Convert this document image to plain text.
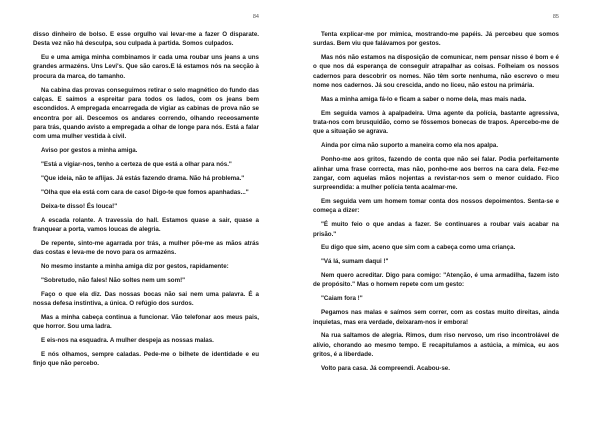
84

disso dinheiro de bolso. E esse orgulho vai levar-me a fazer O disparate. Desta vez não há desculpa, sou culpada à partida. Somos culpados.

Eu e uma amiga minha combinamos ir cada uma roubar uns jeans a uns grandes armazéns. Uns Levi's. Que são caros.E lá estamos nós na secção à procura da marca, do tamanho.

Na cabina das provas conseguimos retirar o selo magnético do fundo das calças. E saímos a espreitar para todos os lados, com os jeans bem escondidos. A empregada encarregada de vigiar as cabinas de prova não se encontra por ali. Descemos os andares correndo, olhando receosamente para trás, quando avisto a empregada a olhar de longe para nós. Está a falar com uma mulher vestida à civil.

Aviso por gestos a minha amiga.

"Está a vigiar-nos, tenho a certeza de que está a olhar para nós."

"Que ideia, não te aflijas. Já estás fazendo drama. Não há problema."

"Olha que ela está com cara de caso! Digo-te que fomos apanhadas..."

Deixa-te disso! És louca!"

A escada rolante. A travessia do hall. Estamos quase a sair, quase a franquear a porta, vamos loucas de alegria.

De repente, sinto-me agarrada por trás, a mulher põe-me as mãos atrás das costas e leva-me de novo para os armazéns.

No mesmo instante a minha amiga diz por gestos, rapidamente:

"Sobretudo, não fales! Não soltes nem um som!"

Faço o que ela diz. Das nossas bocas não sai nem uma palavra. É a nossa defesa instintiva, a única. O refúgio dos surdos.

Mas a minha cabeça continua a funcionar. Vão telefonar aos meus pais, que horror. Sou uma ladra.

E eis-nos na esquadra. A mulher despeja as nossas malas.

E nós olhamos, sempre caladas. Pede-me o bilhete de identidade e eu finjo que não percebo.

85

Tenta explicar-me por mímica, mostrando-me papéis. Já percebeu que somos surdas. Bem viu que falávamos por gestos.

Mas nós não estamos na disposição de comunicar, nem pensar nisso é bom e é o que nos dá esperança de conseguir atrapalhar as coisas. Folheiam os nossos cadernos para descobrir os nomes. Não têm sorte nenhuma, não escrevo o meu nome nos cadernos. Já sou crescida, ando no liceu, não estou na primária.

Mas a minha amiga fá-lo e ficam a saber o nome dela, mas mais nada.

Em seguida vamos à apalpadeira. Uma agente da polícia, bastante agressiva, trata-nos com brusquidão, como se fôssemos bonecas de trapos. Apercebo-me de que a situação se agrava.

Ainda por cima não suporto a maneira como ela nos apalpa.

Ponho-me aos gritos, fazendo de conta que não sei falar. Podia perfeitamente alinhar uma frase correcta, mas não, ponho-me aos berros na cara dela. Fez-me zangar, com aquelas mãos nojentas a revistar-nos sem o menor cuidado. Fico surpreendida: a mulher polícia tenta acalmar-me.

Em seguida vem um homem tomar conta dos nossos depoimentos. Senta-se e começa a dizer:

"É muito feio o que andas a fazer. Se continuares a roubar vais acabar na prisão."

Eu digo que sim, aceno que sim com a cabeça como uma criança.

"Vá lá, sumam daqui !"

Nem quero acreditar. Digo para comigo: "Atenção, é uma armadilha, fazem isto de propósito." Mas o homem repete com um gesto:

"Caiam fora !"

Pegamos nas malas e saímos sem correr, com as costas muito direitas, ainda inquietas, mas era verdade, deixaram-nos ir embora!

Na rua saltamos de alegria. Rimos, dum riso nervoso, um riso incontrolável de alívio, chorando ao mesmo tempo. E recapitulamos a astúcia, a mímica, eu aos gritos, é a liberdade.

Volto para casa. Já compreendi. Acabou-se.
